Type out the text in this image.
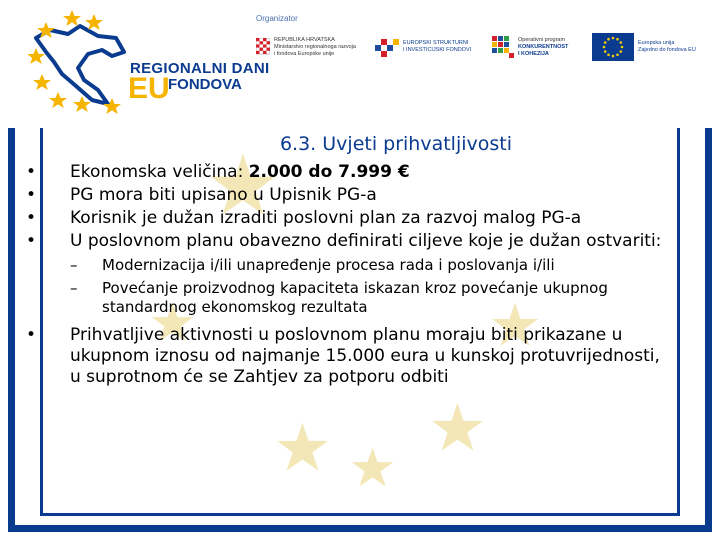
REGIONALNI DANI
EU
FONDOVA
Organizator
REPUBLIKA HRVATSKA
Ministarstvo regionalnoga razvoja
i fondova Europske unije
EUROPSKI STRUKTURNI
I INVESTICIJSKI FONDOVI
Operativni program
KONKURENTNOST
I KOHEZIJA
Europska unija
Zajedno do fondova EU
6.3. Uvjeti prihvatljivosti
• Ekonomska veličina: 2.000 do 7.999 €
• PG mora biti upisano u Upisnik PG-a
• Korisnik je dužan izraditi poslovni plan za razvoj malog PG-a
• U poslovnom planu obavezno definirati ciljeve koje je dužan ostvariti:
– Modernizacija i/ili unapređenje procesa rada i poslovanja i/ili
– Povećanje proizvodnog kapaciteta iskazan kroz povećanje ukupnog standardnog ekonomskog rezultata
• Prihvatljive aktivnosti u poslovnom planu moraju biti prikazane u ukupnom iznosu od najmanje 15.000 eura u kunskoj protuvrijednosti, u suprotnom će se Zahtjev za potporu odbiti
